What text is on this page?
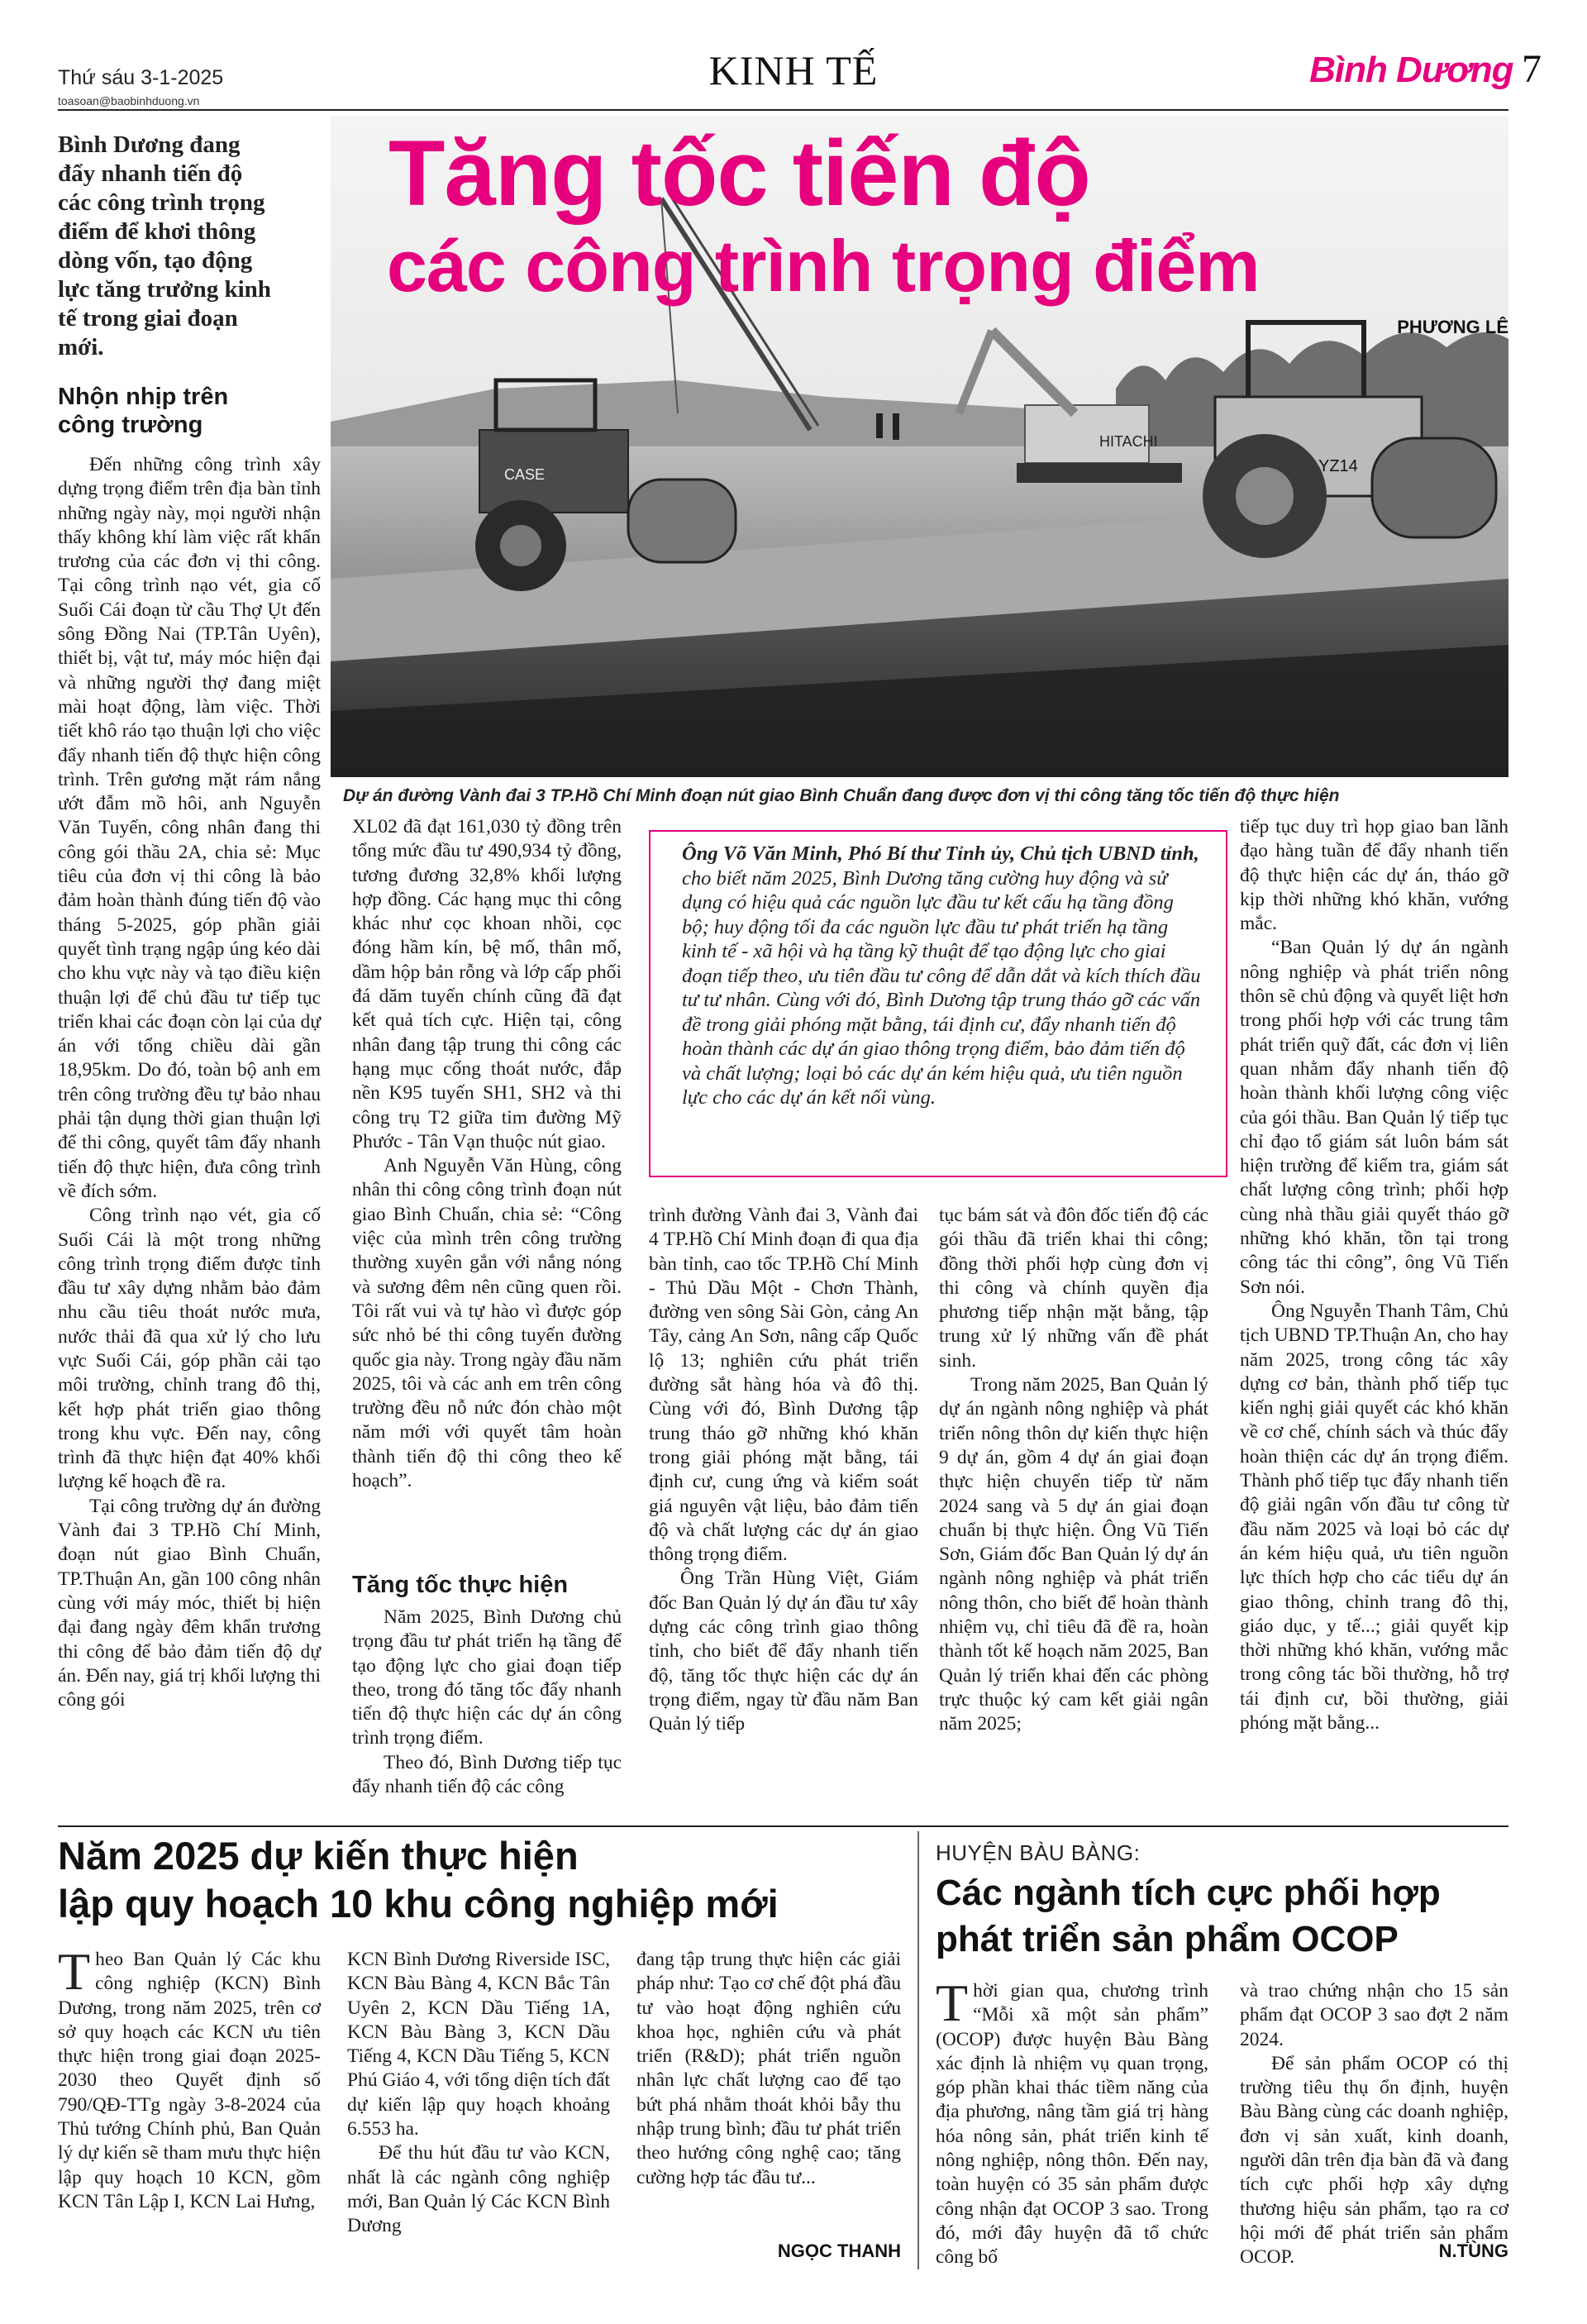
Thứ sáu 3-1-2025
toasoan@baobinhduong.vn
KINH TẾ	Bình Dương 7
Bình Dương đang đẩy nhanh tiến độ các công trình trọng điểm để khơi thông dòng vốn, tạo động lực tăng trưởng kinh tế trong giai đoạn mới.
HITACHI
CASE	YZ14
Tăng tốc tiến độ
các công trình trọng điểm
PHƯƠNG LÊ
Dự án đường Vành đai 3 TP.Hồ Chí Minh đoạn nút giao Bình Chuẩn đang được đơn vị thi công tăng tốc tiến độ thực hiện
Nhộn nhịp trên công trường

Đến những công trình xây dựng trọng điểm trên địa bàn tỉnh những ngày này, mọi người nhận thấy không khí làm việc rất khẩn trương của các đơn vị thi công. Tại công trình nạo vét, gia cố Suối Cái đoạn từ cầu Thợ Ụt đến sông Đồng Nai (TP.Tân Uyên), thiết bị, vật tư, máy móc hiện đại và những người thợ đang miệt mài hoạt động, làm việc. Thời tiết khô ráo tạo thuận lợi cho việc đẩy nhanh tiến độ thực hiện công trình. Trên gương mặt rám nắng ướt đẫm mồ hôi, anh Nguyễn Văn Tuyến, công nhân đang thi công gói thầu 2A, chia sẻ: Mục tiêu của đơn vị thi công là bảo đảm hoàn thành đúng tiến độ vào tháng 5-2025, góp phần giải quyết tình trạng ngập úng kéo dài cho khu vực này và tạo điều kiện thuận lợi để chủ đầu tư tiếp tục triển khai các đoạn còn lại của dự án với tổng chiều dài gần 18,95km. Do đó, toàn bộ anh em trên công trường đều tự bảo nhau phải tận dụng thời gian thuận lợi để thi công, quyết tâm đẩy nhanh tiến độ thực hiện, đưa công trình về đích sớm.

Công trình nạo vét, gia cố Suối Cái là một trong những công trình trọng điểm được tỉnh đầu tư xây dựng nhằm bảo đảm nhu cầu tiêu thoát nước mưa, nước thải đã qua xử lý cho lưu vực Suối Cái, góp phần cải tạo môi trường, chỉnh trang đô thị, kết hợp phát triển giao thông trong khu vực. Đến nay, công trình đã thực hiện đạt 40% khối lượng kế hoạch đề ra.

Tại công trường dự án đường Vành đai 3 TP.Hồ Chí Minh, đoạn nút giao Bình Chuẩn, TP.Thuận An, gần 100 công nhân cùng với máy móc, thiết bị hiện đại đang ngày đêm khẩn trương thi công để bảo đảm tiến độ dự án. Đến nay, giá trị khối lượng thi công gói

XL02 đã đạt 161,030 tỷ đồng trên tổng mức đầu tư 490,934 tỷ đồng, tương đương 32,8% khối lượng hợp đồng. Các hạng mục thi công khác như cọc khoan nhồi, cọc đóng hầm kín, bệ mố, thân mố, dầm hộp bản rỗng và lớp cấp phối đá dăm tuyến chính cũng đã đạt kết quả tích cực. Hiện tại, công nhân đang tập trung thi công các hạng mục cống thoát nước, đắp nền K95 tuyến SH1, SH2 và thi công trụ T2 giữa tim đường Mỹ Phước - Tân Vạn thuộc nút giao.

Anh Nguyễn Văn Hùng, công nhân thi công công trình đoạn nút giao Bình Chuẩn, chia sẻ: “Công việc của mình trên công trường thường xuyên gắn với nắng nóng và sương đêm nên cũng quen rồi. Tôi rất vui và tự hào vì được góp sức nhỏ bé thi công tuyến đường quốc gia này. Trong ngày đầu năm 2025, tôi và các anh em trên công trường đều nỗ nức đón chào một năm mới với quyết tâm hoàn thành tiến độ thi công theo kế hoạch”.

Tăng tốc thực hiện

Năm 2025, Bình Dương chủ trọng đầu tư phát triển hạ tầng để tạo động lực cho giai đoạn tiếp theo, trong đó tăng tốc đẩy nhanh tiến độ thực hiện các dự án công trình trọng điểm.

Theo đó, Bình Dương tiếp tục đẩy nhanh tiến độ các công

Ông Võ Văn Minh, Phó Bí thư Tỉnh ủy, Chủ tịch UBND tỉnh, cho biết năm 2025, Bình Dương tăng cường huy động và sử dụng có hiệu quả các nguồn lực đầu tư kết cấu hạ tầng đồng bộ; huy động tối đa các nguồn lực đầu tư phát triển hạ tầng kinh tế - xã hội và hạ tầng kỹ thuật để tạo động lực cho giai đoạn tiếp theo, ưu tiên đầu tư công để dẫn dắt và kích thích đầu tư tư nhân. Cùng với đó, Bình Dương tập trung tháo gỡ các vấn đề trong giải phóng mặt bằng, tái định cư, đẩy nhanh tiến độ hoàn thành các dự án giao thông trọng điểm, bảo đảm tiến độ và chất lượng; loại bỏ các dự án kém hiệu quả, ưu tiên nguồn lực cho các dự án kết nối vùng.

trình đường Vành đai 3, Vành đai 4 TP.Hồ Chí Minh đoạn đi qua địa bàn tỉnh, cao tốc TP.Hồ Chí Minh - Thủ Dầu Một - Chơn Thành, đường ven sông Sài Gòn, cảng An Tây, cảng An Sơn, nâng cấp Quốc lộ 13; nghiên cứu phát triển đường sắt hàng hóa và đô thị. Cùng với đó, Bình Dương tập trung tháo gỡ những khó khăn trong giải phóng mặt bằng, tái định cư, cung ứng và kiểm soát giá nguyên vật liệu, bảo đảm tiến độ và chất lượng các dự án giao thông trọng điểm.

Ông Trần Hùng Việt, Giám đốc Ban Quản lý dự án đầu tư xây dựng các công trình giao thông tỉnh, cho biết để đẩy nhanh tiến độ, tăng tốc thực hiện các dự án trọng điểm, ngay từ đầu năm Ban Quản lý tiếp

tục bám sát và đôn đốc tiến độ các gói thầu đã triển khai thi công; đồng thời phối hợp cùng đơn vị thi công và chính quyền địa phương tiếp nhận mặt bằng, tập trung xử lý những vấn đề phát sinh.

Trong năm 2025, Ban Quản lý dự án ngành nông nghiệp và phát triển nông thôn dự kiến thực hiện 9 dự án, gồm 4 dự án giai đoạn thực hiện chuyển tiếp từ năm 2024 sang và 5 dự án giai đoạn chuẩn bị thực hiện. Ông Vũ Tiến Sơn, Giám đốc Ban Quản lý dự án ngành nông nghiệp và phát triển nông thôn, cho biết để hoàn thành nhiệm vụ, chỉ tiêu đã đề ra, hoàn thành tốt kế hoạch năm 2025, Ban Quản lý triển khai đến các phòng trực thuộc ký cam kết giải ngân năm 2025;

tiếp tục duy trì họp giao ban lãnh đạo hàng tuần để đẩy nhanh tiến độ thực hiện các dự án, tháo gỡ kịp thời những khó khăn, vướng mắc.

“Ban Quản lý dự án ngành nông nghiệp và phát triển nông thôn sẽ chủ động và quyết liệt hơn trong phối hợp với các trung tâm phát triển quỹ đất, các đơn vị liên quan nhằm đẩy nhanh tiến độ hoàn thành khối lượng công việc của gói thầu. Ban Quản lý tiếp tục chỉ đạo tổ giám sát luôn bám sát hiện trường để kiểm tra, giám sát chất lượng công trình; phối hợp cùng nhà thầu giải quyết tháo gỡ những khó khăn, tồn tại trong công tác thi công”, ông Vũ Tiến Sơn nói.

Ông Nguyễn Thanh Tâm, Chủ tịch UBND TP.Thuận An, cho hay năm 2025, trong công tác xây dựng cơ bản, thành phố tiếp tục kiến nghị giải quyết các khó khăn về cơ chế, chính sách và thúc đẩy hoàn thiện các dự án trọng điểm. Thành phố tiếp tục đẩy nhanh tiến độ giải ngân vốn đầu tư công từ đầu năm 2025 và loại bỏ các dự án kém hiệu quả, ưu tiên nguồn lực thích hợp cho các tiểu dự án giao thông, chỉnh trang đô thị, giáo dục, y tế...; giải quyết kịp thời những khó khăn, vướng mắc trong công tác bồi thường, hỗ trợ tái định cư, bồi thường, giải phóng mặt bằng...

Năm 2025 dự kiến thực hiện
lập quy hoạch 10 khu công nghiệp mới
Theo Ban Quản lý Các khu công nghiệp (KCN) Bình Dương, trong năm 2025, trên cơ sở quy hoạch các KCN ưu tiên thực hiện trong giai đoạn 2025-2030 theo Quyết định số 790/QĐ-TTg ngày 3-8-2024 của Thủ tướng Chính phủ, Ban Quản lý dự kiến sẽ tham mưu thực hiện lập quy hoạch 10 KCN, gồm KCN Tân Lập I, KCN Lai Hưng,

KCN Bình Dương Riverside ISC, KCN Bàu Bàng 4, KCN Bắc Tân Uyên 2, KCN Dầu Tiếng 1A, KCN Bàu Bàng 3, KCN Dầu Tiếng 4, KCN Dầu Tiếng 5, KCN Phú Giáo 4, với tổng diện tích đất dự kiến lập quy hoạch khoảng 6.553 ha.

Để thu hút đầu tư vào KCN, nhất là các ngành công nghiệp mới, Ban Quản lý Các KCN Bình Dương

đang tập trung thực hiện các giải pháp như: Tạo cơ chế đột phá đầu tư vào hoạt động nghiên cứu khoa học, nghiên cứu và phát triển (R&D); phát triển nguồn nhân lực chất lượng cao để tạo bứt phá nhằm thoát khỏi bẫy thu nhập trung bình; đầu tư phát triển theo hướng công nghệ cao; tăng cường hợp tác đầu tư...
NGỌC THANH
HUYỆN BÀU BÀNG:
Các ngành tích cực phối hợp
phát triển sản phẩm OCOP
Thời gian qua, chương trình “Mỗi xã một sản phẩm” (OCOP) được huyện Bàu Bàng xác định là nhiệm vụ quan trọng, góp phần khai thác tiềm năng của địa phương, nâng tầm giá trị hàng hóa nông sản, phát triển kinh tế nông nghiệp, nông thôn. Đến nay, toàn huyện có 35 sản phẩm được công nhận đạt OCOP 3 sao. Trong đó, mới đây huyện đã tổ chức công bố

và trao chứng nhận cho 15 sản phẩm đạt OCOP 3 sao đợt 2 năm 2024.

Để sản phẩm OCOP có thị trường tiêu thụ ổn định, huyện Bàu Bàng cùng các doanh nghiệp, đơn vị sản xuất, kinh doanh, người dân trên địa bàn đã và đang tích cực phối hợp xây dựng thương hiệu sản phẩm, tạo ra cơ hội mới để phát triển sản phẩm OCOP.	N.TÙNG
